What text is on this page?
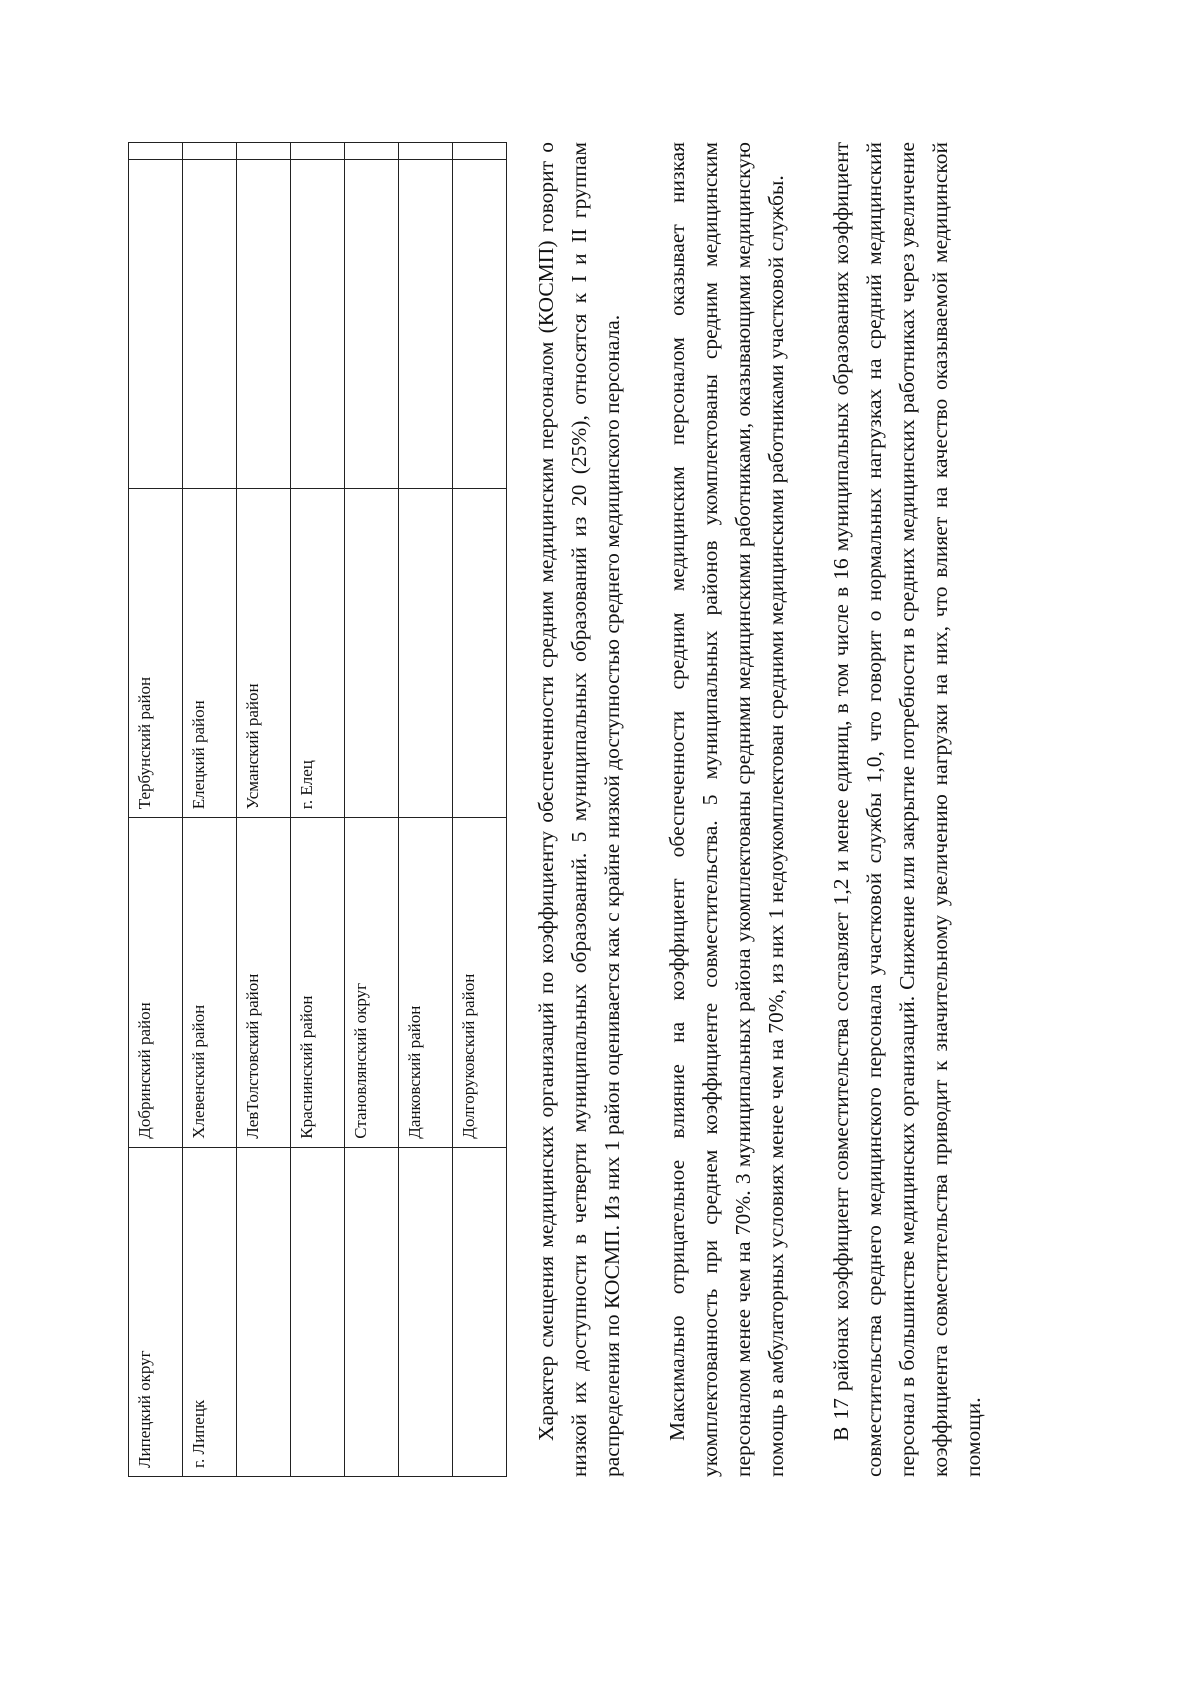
Липецкий округ	Добринский район	Тербунский район		
г. Липецк	Хлевенский район	Елецкий район		
	ЛевТолстовский район	Усманский район		
	Краснинский район	г. Елец		
	Становлянский округ			
	Данковский район			
	Долгоруковский район				Характер смещения медицинских организаций по коэффициенту обеспеченности средним медицинским персоналом (КОСМП) говорит о низкой их доступности в четверти муниципальных образований. 5 муниципальных образований из 20 (25%), относятся к I и II группам распределения по КОСМП. Из них 1 район оценивается как с крайне низкой доступностью среднего медицинского персонала. Максимально отрицательное влияние на коэффициент обеспеченности средним медицинским персоналом оказывает низкая укомплектованность при среднем коэффициенте совместительства. 5 муниципальных районов укомплектованы средним медицинским персоналом менее чем на 70%. 3 муниципальных района укомплектованы средними медицинскими работниками, оказывающими медицинскую помощь в амбулаторных условиях менее чем на 70%, из них 1 недоукомплектован средними медицинскими работниками участковой службы. В 17 районах коэффициент совместительства составляет 1,2 и менее единиц, в том числе в 16 муниципальных образованиях коэффициент совместительства среднего медицинского персонала участковой службы 1,0, что говорит о нормальных нагрузках на средний медицинский персонал в большинстве медицинских организаций. Снижение или закрытие потребности в средних медицинских работниках через увеличение коэффициента совместительства приводит к значительному увеличению нагрузки на них, что влияет на качество оказываемой медицинской помощи.
